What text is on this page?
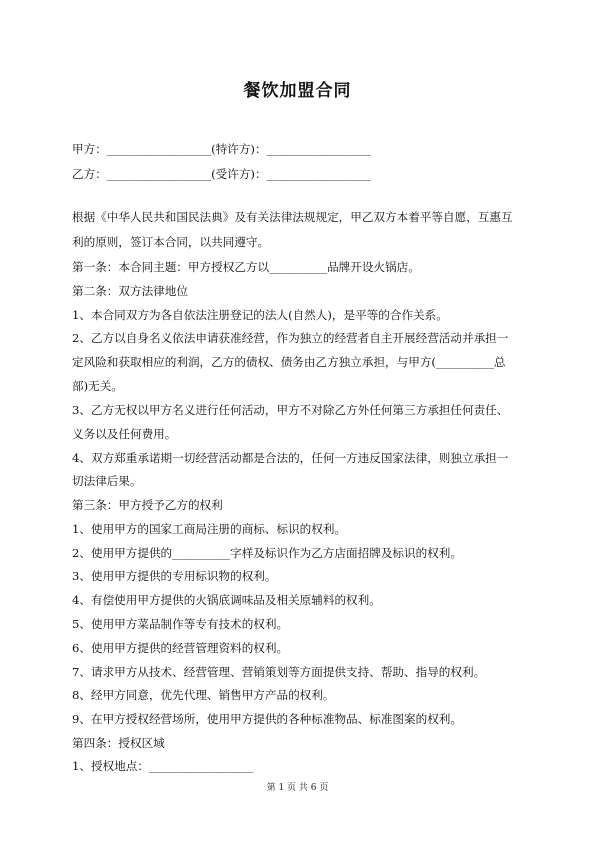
餐饮加盟合同
甲方：__________________(特许方)：__________________
乙方：__________________(受许方)：__________________
根据《中华人民共和国民法典》及有关法律法规规定，甲乙双方本着平等自愿，互惠互
利的原则，签订本合同，以共同遵守。
第一条：本合同主题：甲方授权乙方以__________品牌开设火锅店。
第二条：双方法律地位
1、本合同双方为各自依法注册登记的法人(自然人)，是平等的合作关系。
2、乙方以自身名义依法申请获准经营，作为独立的经营者自主开展经营活动并承担一
定风险和获取相应的利润，乙方的债权、债务由乙方独立承担，与甲方(__________总
部)无关。
3、乙方无权以甲方名义进行任何活动，甲方不对除乙方外任何第三方承担任何责任、
义务以及任何费用。
4、双方郑重承诺期一切经营活动都是合法的，任何一方违反国家法律，则独立承担一
切法律后果。
第三条：甲方授予乙方的权利
1、使用甲方的国家工商局注册的商标、标识的权利。
2、使用甲方提供的__________字样及标识作为乙方店面招牌及标识的权利。
3、使用甲方提供的专用标识物的权利。
4、有偿使用甲方提供的火锅底调味品及相关原辅料的权利。
5、使用甲方菜品制作等专有技术的权利。
6、使用甲方提供的经营管理资料的权利。
7、请求甲方从技术、经营管理、营销策划等方面提供支持、帮助、指导的权利。
8、经甲方同意，优先代理、销售甲方产品的权利。
9、在甲方授权经营场所，使用甲方提供的各种标准物品、标准图案的权利。
第四条：授权区域
1、授权地点：__________________
第 1 页 共 6 页
